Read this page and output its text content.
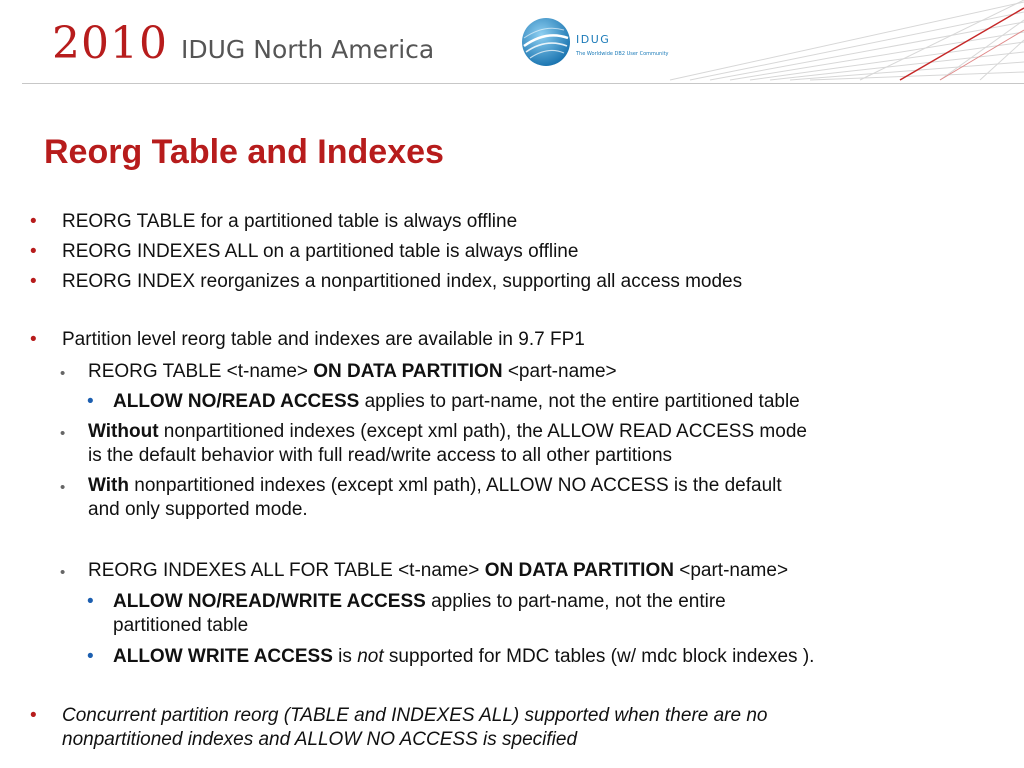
2010 IDUG North America	IDUG
The Worldwide DB2 User Community
Reorg Table and Indexes
• REORG TABLE for a partitioned table is always offline
• REORG INDEXES ALL on a partitioned table is always offline
• REORG INDEX reorganizes a nonpartitioned index, supporting all access modes
• Partition level reorg table and indexes are available in 9.7 FP1
• REORG TABLE <t-name> ON DATA PARTITION <part-name>
• ALLOW NO/READ ACCESS applies to part-name, not the entire partitioned table
• Without nonpartitioned indexes (except xml path), the ALLOW READ ACCESS mode
is the default behavior with full read/write access to all other partitions
• With nonpartitioned indexes (except xml path), ALLOW NO ACCESS is the default
and only supported mode.
• REORG INDEXES ALL FOR TABLE <t-name> ON DATA PARTITION <part-name>
• ALLOW NO/READ/WRITE ACCESS applies to part-name, not the entire
partitioned table
• ALLOW WRITE ACCESS is not supported for MDC tables (w/ mdc block indexes ).
• Concurrent partition reorg (TABLE and INDEXES ALL) supported when there are no
nonpartitioned indexes and ALLOW NO ACCESS is specified
